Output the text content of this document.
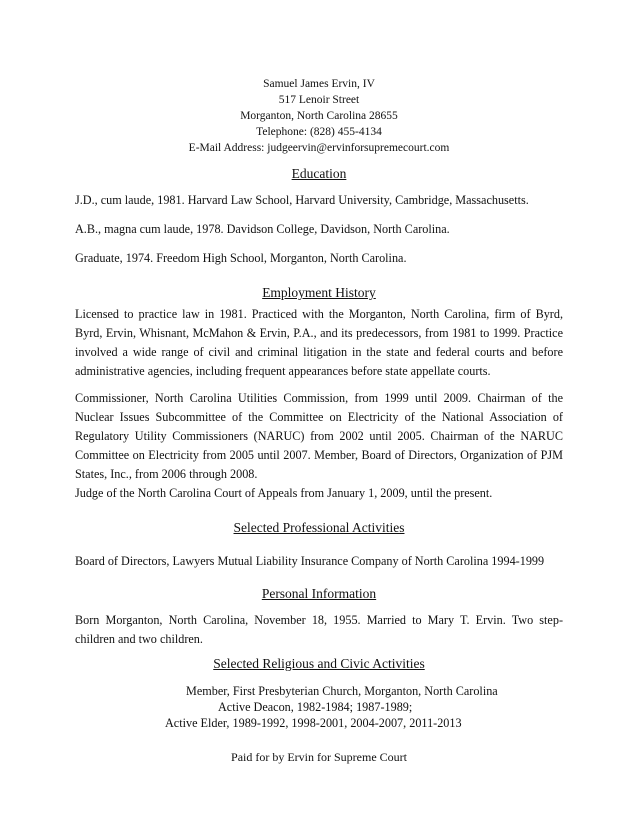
Samuel James Ervin, IV
517 Lenoir Street
Morganton, North Carolina 28655
Telephone: (828) 455-4134
E-Mail Address: judgeervin@ervinforsupremecourt.com
Education
J.D., cum laude, 1981. Harvard Law School, Harvard University, Cambridge, Massachusetts.
A.B., magna cum laude, 1978. Davidson College, Davidson, North Carolina.
Graduate, 1974. Freedom High School, Morganton, North Carolina.
Employment History
Licensed to practice law in 1981. Practiced with the Morganton, North Carolina, firm of Byrd, Byrd, Ervin, Whisnant, McMahon & Ervin, P.A., and its predecessors, from 1981 to 1999. Practice involved a wide range of civil and criminal litigation in the state and federal courts and before administrative agencies, including frequent appearances before state appellate courts.
Commissioner, North Carolina Utilities Commission, from 1999 until 2009. Chairman of the Nuclear Issues Subcommittee of the Committee on Electricity of the National Association of Regulatory Utility Commissioners (NARUC) from 2002 until 2005. Chairman of the NARUC Committee on Electricity from 2005 until 2007. Member, Board of Directors, Organization of PJM States, Inc., from 2006 through 2008.
Judge of the North Carolina Court of Appeals from January 1, 2009, until the present.
Selected Professional Activities
Board of Directors, Lawyers Mutual Liability Insurance Company of North Carolina 1994-1999
Personal Information
Born Morganton, North Carolina, November 18, 1955. Married to Mary T. Ervin. Two step-children and two children.
Selected Religious and Civic Activities
Member, First Presbyterian Church, Morganton, North Carolina
Active Deacon, 1982-1984; 1987-1989;
Active Elder, 1989-1992, 1998-2001, 2004-2007, 2011-2013
Paid for by Ervin for Supreme Court
